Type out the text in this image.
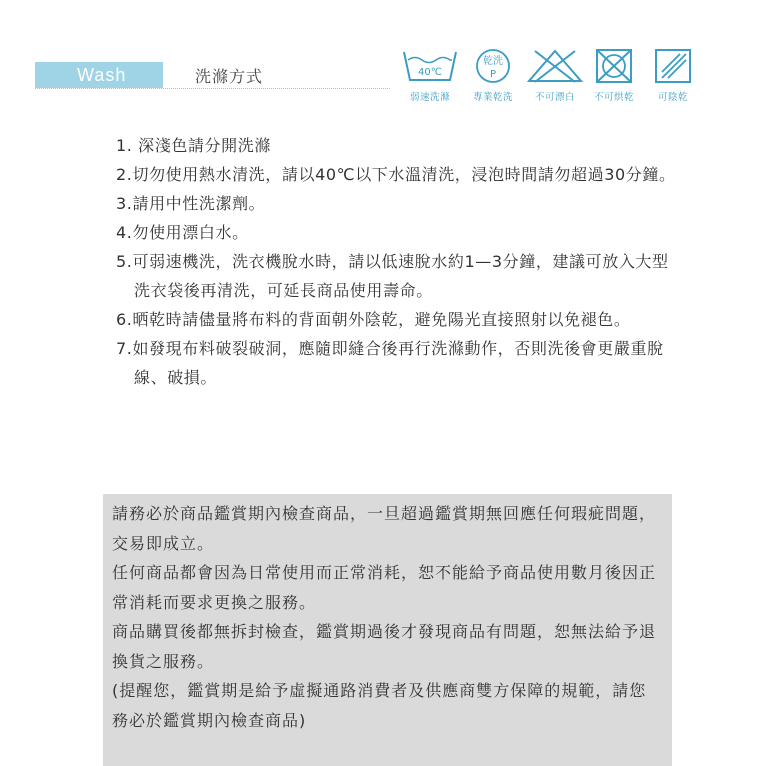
Wash	洗滌方式	40℃
弱速洗滌
乾洗
P
專業乾洗	不可漂白	不可烘乾	可陰乾
1. 深淺色請分開洗滌
2.切勿使用熱水清洗，請以40℃以下水溫清洗，浸泡時間請勿超過30分鐘。
3.請用中性洗潔劑。
4.勿使用漂白水。
5.可弱速機洗，洗衣機脫水時，請以低速脫水約1—3分鐘，建議可放入大型洗衣袋後再清洗，可延長商品使用壽命。
6.晒乾時請儘量將布料的背面朝外陰乾，避免陽光直接照射以免褪色。
7.如發現布料破裂破洞，應隨即縫合後再行洗滌動作，否則洗後會更嚴重脫線、破損。

請務必於商品鑑賞期內檢查商品，一旦超過鑑賞期無回應任何瑕疵問題，交易即成立。

任何商品都會因為日常使用而正常消耗，恕不能給予商品使用數月後因正常消耗而要求更換之服務。

商品購買後都無拆封檢查，鑑賞期過後才發現商品有問題，恕無法給予退換貨之服務。

(提醒您，鑑賞期是給予虛擬通路消費者及供應商雙方保障的規範，請您務必於鑑賞期內檢查商品)
